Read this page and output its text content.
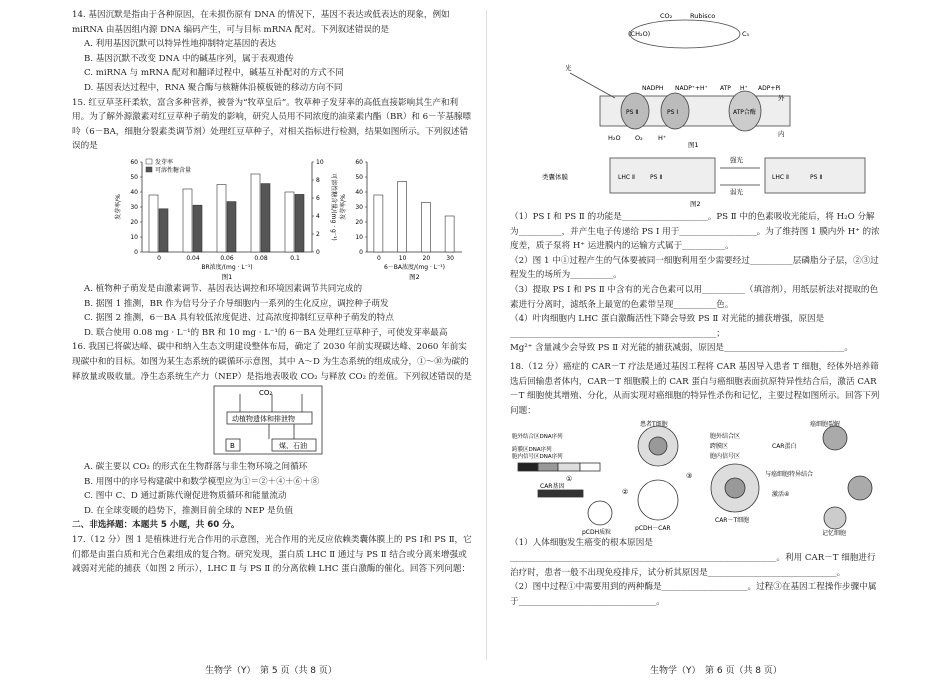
14. 基因沉默是指由于各种原因，在未损伤原有 DNA 的情况下，基因不表达或低表达的现象，例如 miRNA 由基因组内源 DNA 编码产生，可与目标 mRNA 配对。下列叙述错误的是

A. 利用基因沉默可以特异性地抑制特定基因的表达

B. 基因沉默不改变 DNA 中的碱基序列，属于表观遗传

C. miRNA 与 mRNA 配对和翻译过程中，碱基互补配对的方式不同

D. 基因表达过程中，RNA 聚合酶与核糖体沿模板链的移动方向不同

15. 红豆草茎秆柔软，富含多种营养，被誉为“牧草皇后”。牧草种子发芽率的高低直接影响其生产和利用。为了解外源激素对红豆草种子萌发的影响，研究人员用不同浓度的油菜素内酯（BR）和 6－苄基腺嘌呤（6－BA，细胞分裂素类调节剂）处理红豆草种子，对相关指标进行检测，结果如图所示。下列叙述错误的是

0
10
20
30
40
50
60
0
2
4
6
8
10
0	0.04	0.06	0.08	0.1
BR浓度/(mg · L⁻¹)
发芽率/%	可溶性糖含量/(mg · g⁻¹)
发芽率
可溶性糖含量
图1
0
10
20
30
40
50
60
0	10	20	30
6－BA浓度/(mg · L⁻¹)
发芽率/%
图2

A. 植物种子萌发是由激素调节、基因表达调控和环境因素调节共同完成的

B. 据图 1 推测，BR 作为信号分子介导细胞内一系列的生化反应，调控种子萌发

C. 据图 2 推测，6－BA 具有较低浓度促进、过高浓度抑制红豆草种子萌发的特点

D. 联合使用 0.08 mg · L⁻¹的 BR 和 10 mg · L⁻¹的 6－BA 处理红豆草种子，可使发芽率最高

16. 我国已将碳达峰、碳中和纳入生态文明建设整体布局，确定了 2030 年前实现碳达峰、2060 年前实现碳中和的目标。如图为某生态系统的碳循环示意图，其中 A～D 为生态系统的组成成分，①～⑩为碳的释放量或吸收量。净生态系统生产力（NEP）是指地表吸收 CO₂ 与释放 CO₂ 的差值。下列叙述错误的是

CO₂
动植物遗体和排泄物
煤、石油
B

A. 碳主要以 CO₂ 的形式在生物群落与非生物环境之间循环

B. 用图中的序号构建碳中和数学模型应为①＝②＋④＋⑥＋⑧

C. 图中 C、D 通过新陈代谢促进物质循环和能量流动

D. 在全球变暖的趋势下，推测目前全球的 NEP 是负值

二、非选择题：本题共 5 小题，共 60 分。

17.（12 分）图 1 是植株进行光合作用的示意图，光合作用的光反应依赖类囊体膜上的 PS Ⅰ和 PS Ⅱ，它们都是由蛋白质和光合色素组成的复合物。研究发现，蛋白质 LHC Ⅱ 通过与 PS Ⅱ 结合或分离来增强或减弱对光能的捕获（如图 2 所示），LHC Ⅱ 与 PS Ⅱ 的分离依赖 LHC 蛋白激酶的催化。回答下列问题：

生物学（Y）　第 5 页（共 8 页）
CO₂	Rubisco
(CH₂O)	C₅
光
NADPH NADP⁺+H⁺ ATP H⁺ ADP+Pi
外
内
PS Ⅱ	PS Ⅰ	ATP合酶
H₂O O₂ H⁺
图1
类囊体膜	LHC Ⅱ	PS Ⅱ	LHC Ⅱ	PS Ⅱ
强光
弱光
图2

（1）PS Ⅰ 和 PS Ⅱ 的功能是____________________。PS Ⅱ 中的色素吸收光能后，将 H₂O 分解为__________，并产生电子传递给 PS Ⅰ 用于__________________。为了维持图 1 膜内外 H⁺ 的浓度差，质子泵将 H⁺ 运进膜内的运输方式属于__________。

（2）图 1 中①过程产生的气体要被同一细胞利用至少需要经过__________层磷脂分子层，②③过程发生的场所为__________。

（3）提取 PS Ⅰ 和 PS Ⅱ 中含有的光合色素可以用__________（填溶剂），用纸层析法对提取的色素进行分离时，滤纸条上最宽的色素带呈现__________色。

（4）叶肉细胞内 LHC 蛋白激酶活性下降会导致 PS Ⅱ 对光能的捕获增强，原因是________________________________________________；

Mg²⁺ 含量减少会导致 PS Ⅱ 对光能的捕获减弱，原因是____________________________。

18.（12 分）癌症的 CAR－T 疗法是通过基因工程将 CAR 基因导入患者 T 细胞，经体外培养筛选后回输患者体内，CAR－T 细胞膜上的 CAR 蛋白与癌细胞表面抗原特异性结合后，激活 CAR－T 细胞使其增殖、分化，从而实现对癌细胞的特异性杀伤和记忆，主要过程如图所示。回答下列问题：

胞外结合区DNA序列
跨膜区DNA序列
胞内信号区DNA序列
患者T细胞
胞外结合区
跨膜区
胞内信号区
CAR蛋白
癌细胞裂解
与癌细胞特异结合
激活④
CAR基因
pCDH－CAR
CAR－T细胞
pCDH质粒	记忆细胞
①
②
③

（1）人体细胞发生癌变的根本原因是______________________________________________________________。利用 CAR－T 细胞进行治疗时，患者一般不出现免疫排斥，试分析其原因是______________________________。

（2）图中过程①中需要用到的两种酶是____________________。过程③在基因工程操作步骤中属于________________________________。

生物学（Y）　第 6 页（共 8 页）
